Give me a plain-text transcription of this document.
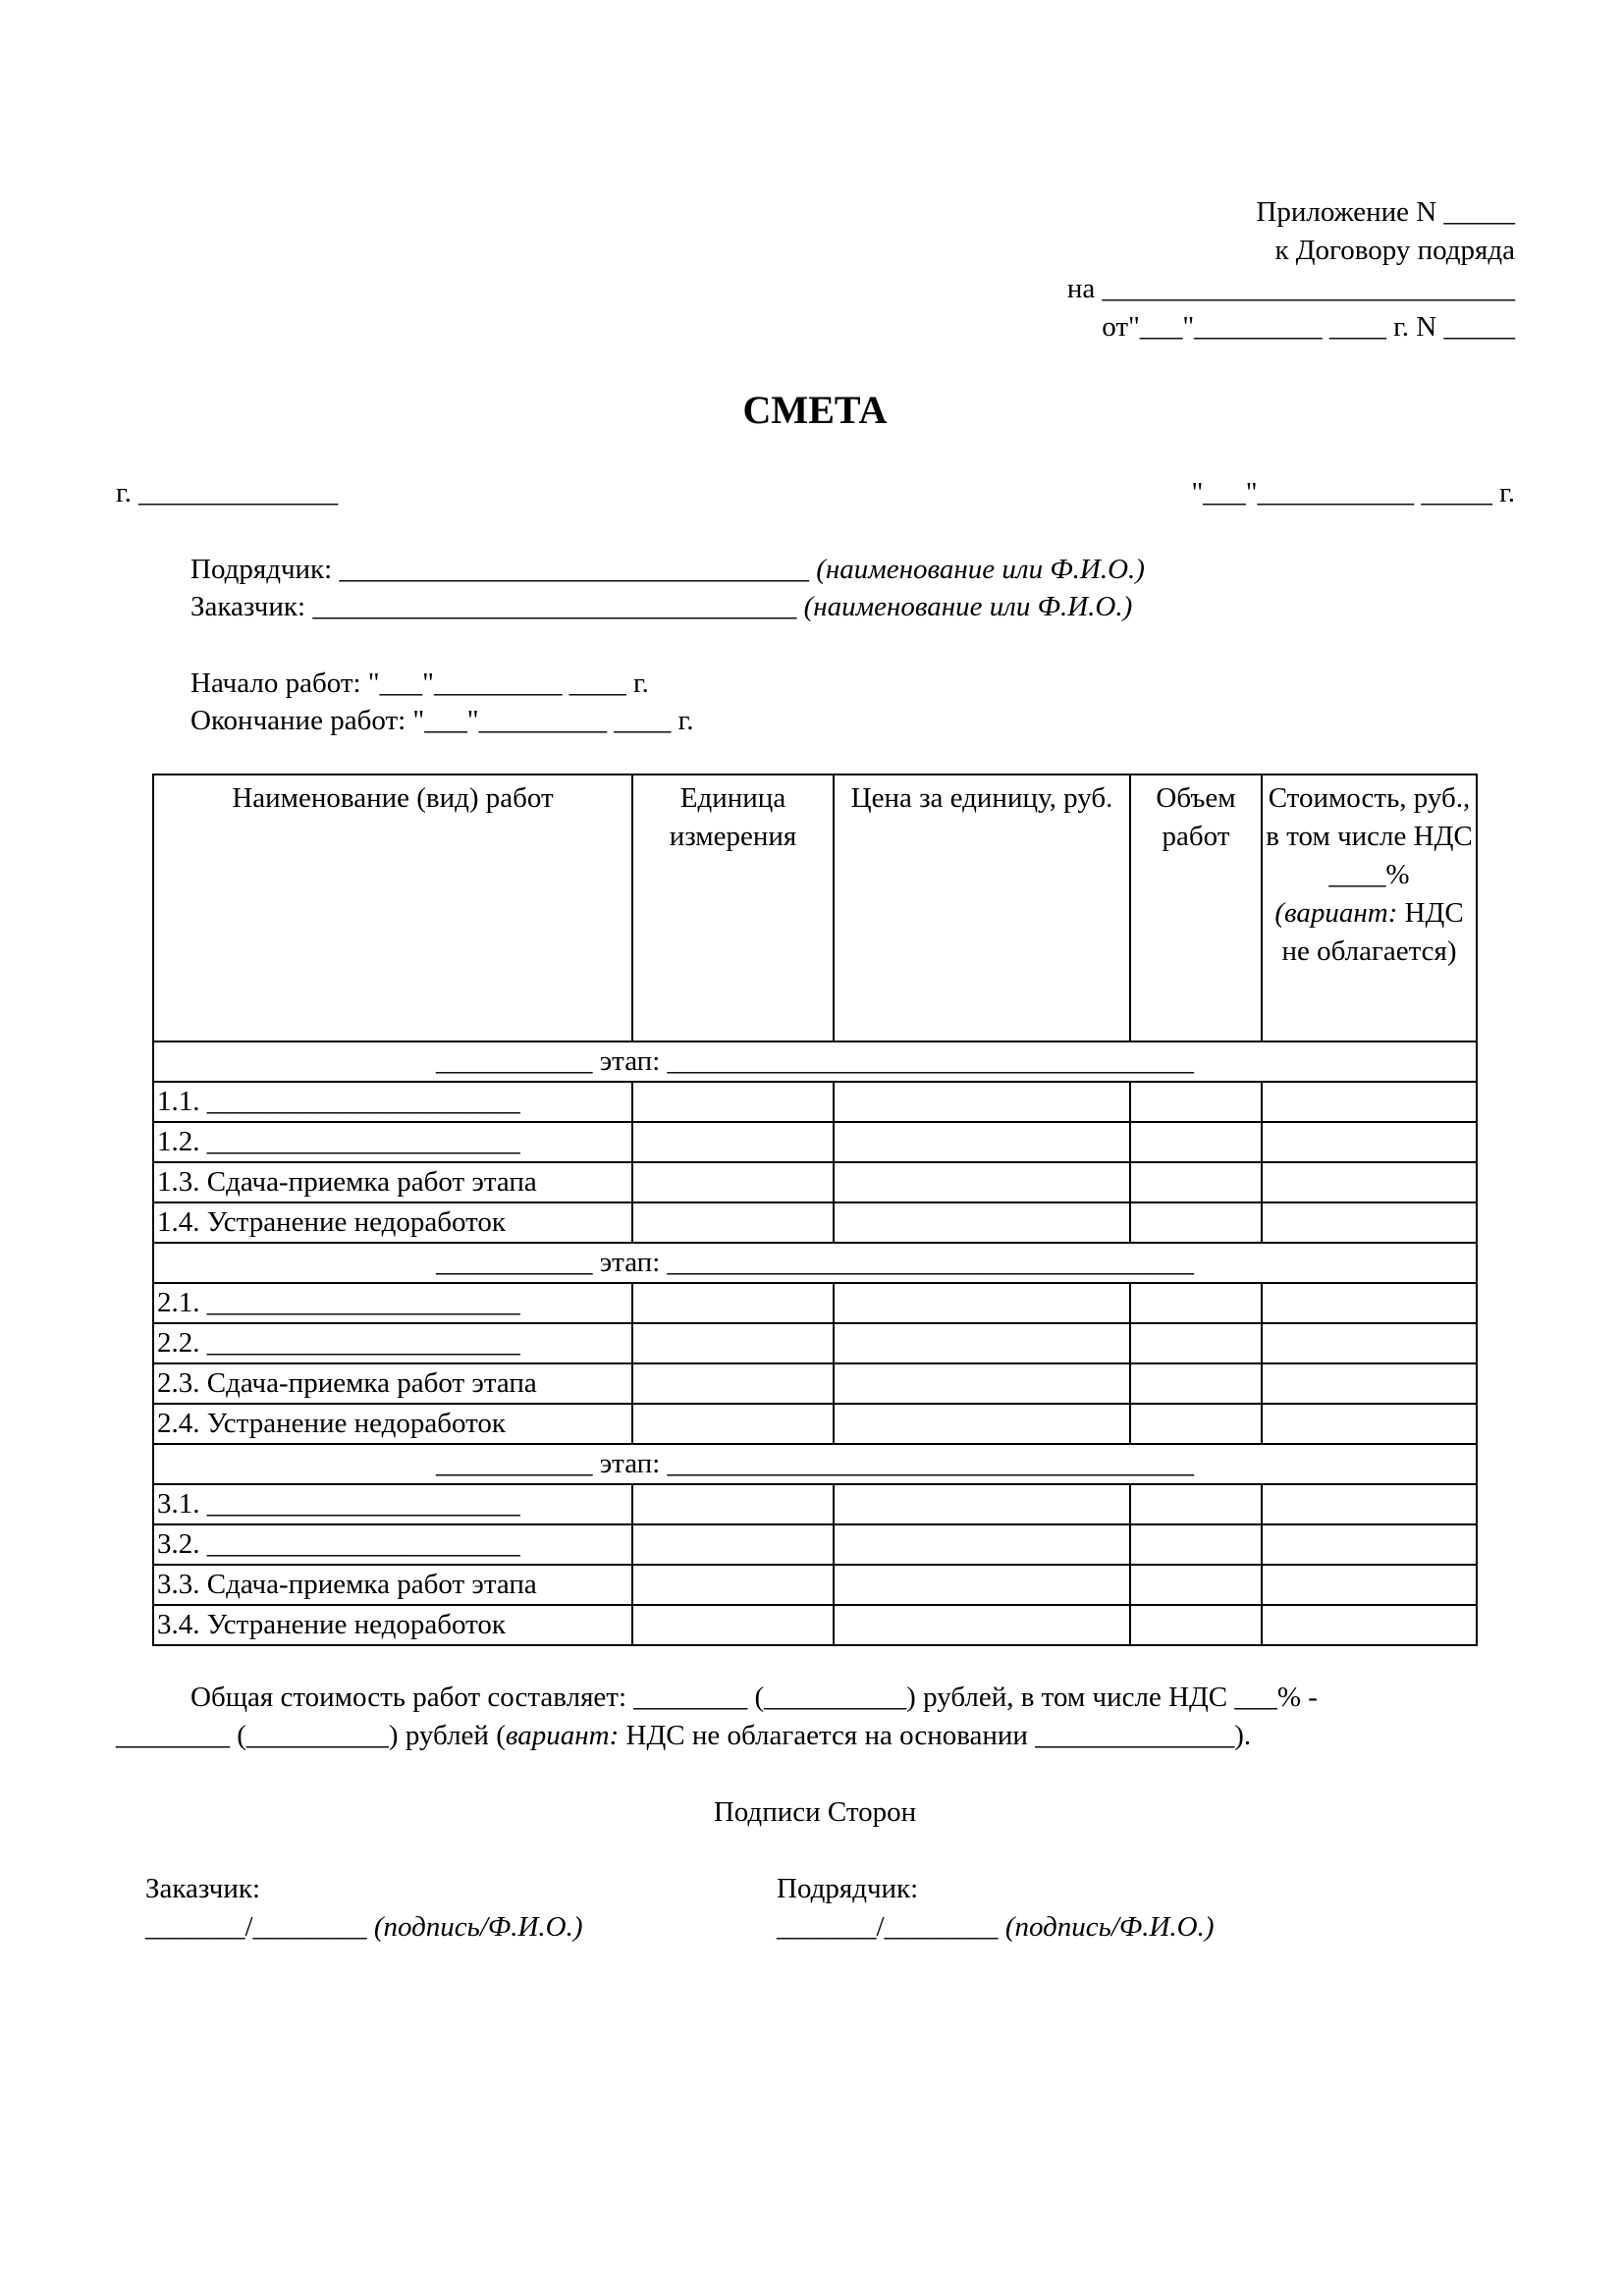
Приложение N _____
к Договору подряда
на _____________________________
от"___"_________ ____ г. N _____
СМЕТА
г. ______________	"___"___________ _____ г.
Подрядчик: _________________________________ (наименование или Ф.И.О.)
Заказчик: __________________________________ (наименование или Ф.И.О.)
Начало работ: "___"_________ ____ г.
Окончание работ: "___"_________ ____ г.
Наименование (вид) работ	Единица измерения	Цена за единицу, руб.	Объем работ	Стоимость, руб., в том числе НДС ____%
(вариант: НДС не облагается)
___________ этап: _____________________________________				
1.1. ______________________				
1.2. ______________________				
1.3. Сдача-приемка работ этапа				
1.4. Устранение недоработок				
___________ этап: _____________________________________				
2.1. ______________________				
2.2. ______________________				
2.3. Сдача-приемка работ этапа				
2.4. Устранение недоработок				
___________ этап: _____________________________________				
3.1. ______________________				
3.2. ______________________				
3.3. Сдача-приемка работ этапа				
3.4. Устранение недоработок				
Общая стоимость работ составляет: ________ (__________) рублей, в том числе НДС ___% -
________ (__________) рублей (вариант: НДС не облагается на основании ______________).
Подписи Сторон
Заказчик:
_______/________ (подпись/Ф.И.О.)
Подрядчик:
_______/________ (подпись/Ф.И.О.)
